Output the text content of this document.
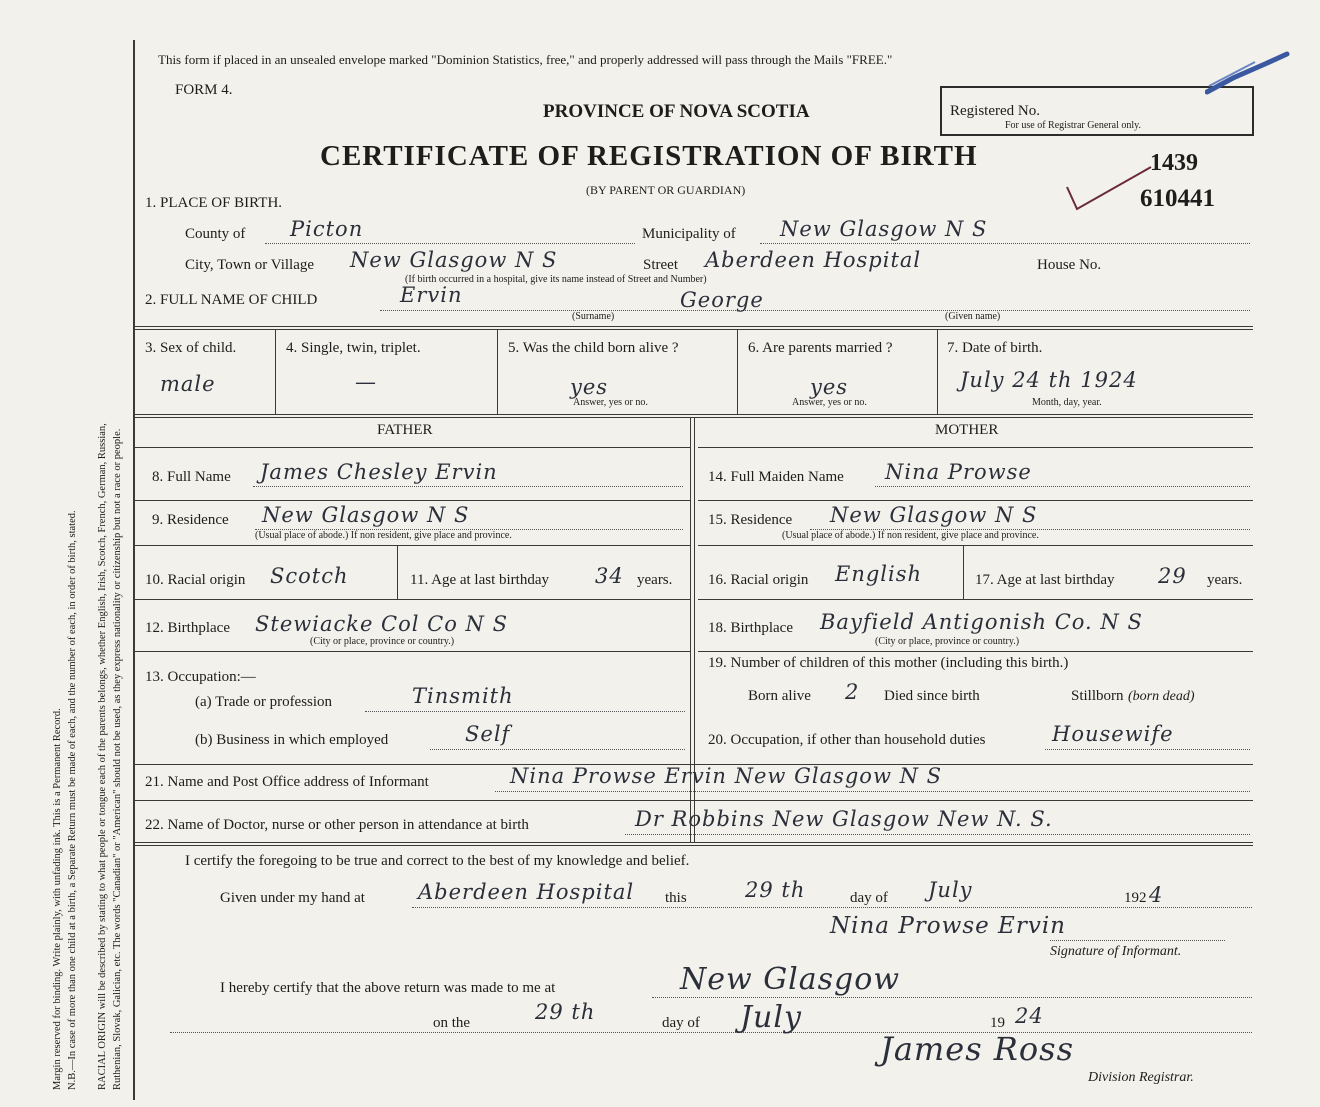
Margin reserved for binding. Write plainly, with unfading ink. This is a Permanent Record. N.B.—In case of more than one child at a birth, a Separate Return must be made of each, and the number of each, in order of birth, stated. RACIAL ORIGIN will be described by stating to what people or tongue each of the parents belongs, whether English, Irish, Scotch, French, German, Russian, Ruthenian, Slovak, Galician, etc. The words "Canadian" or "American" should not be used, as they express nationality or citizenship but not a race or people.
This form if placed in an unsealed envelope marked "Dominion Statistics, free," and properly addressed will pass through the Mails "FREE."
FORM 4.
PROVINCE OF NOVA SCOTIA
CERTIFICATE OF REGISTRATION OF BIRTH
(BY PARENT OR GUARDIAN)
Registered No.
For use of Registrar General only.
1439
610441
1. PLACE OF BIRTH.
County of Picton	Municipality of New Glasgow N S
City, Town or Village New Glasgow N S	Street Aberdeen Hospital	House No.
(If birth occurred in a hospital, give its name instead of Street and Number)
2. FULL NAME OF CHILD	Ervin	George
(Surname)	(Given name)
3. Sex of child.
male
4. Single, twin, triplet.
—
5. Was the child born alive ?
yes
Answer, yes or no.
6. Are parents married ?
yes
Answer, yes or no.
7. Date of birth.
July 24 th 1924
Month, day, year.
FATHER	MOTHER
8. Full Name James Chesley Ervin
9. Residence New Glasgow N S
(Usual place of abode.) If non resident, give place and province.
10. Racial origin Scotch	11. Age at last birthday 34 years.
12. Birthplace Stewiacke Col Co N S
(City or place, province or country.)
13. Occupation:—
(a) Trade or profession	Tinsmith
(b) Business in which employed	Self
14. Full Maiden Name Nina Prowse
15. Residence New Glasgow N S
(Usual place of abode.) If non resident, give place and province.
16. Racial origin English	17. Age at last birthday 29 years.
18. Birthplace Bayfield Antigonish Co. N S
(City or place, province or country.)
19. Number of children of this mother (including this birth.)
Born alive 2 Died since birth	Stillborn (born dead)
20. Occupation, if other than household duties	Housewife
21. Name and Post Office address of Informant	Nina Prowse Ervin New Glasgow N S
22. Name of Doctor, nurse or other person in attendance at birth	Dr Robbins New Glasgow New N. S.
I certify the foregoing to be true and correct to the best of my knowledge and belief.
Given under my hand at	Aberdeen Hospital this	29 th	day of July	192 4
Nina Prowse Ervin
Signature of Informant.
I hereby certify that the above return was made to me at	New Glasgow
on the	29 th	day of July	19 24
James Ross
Division Registrar.
